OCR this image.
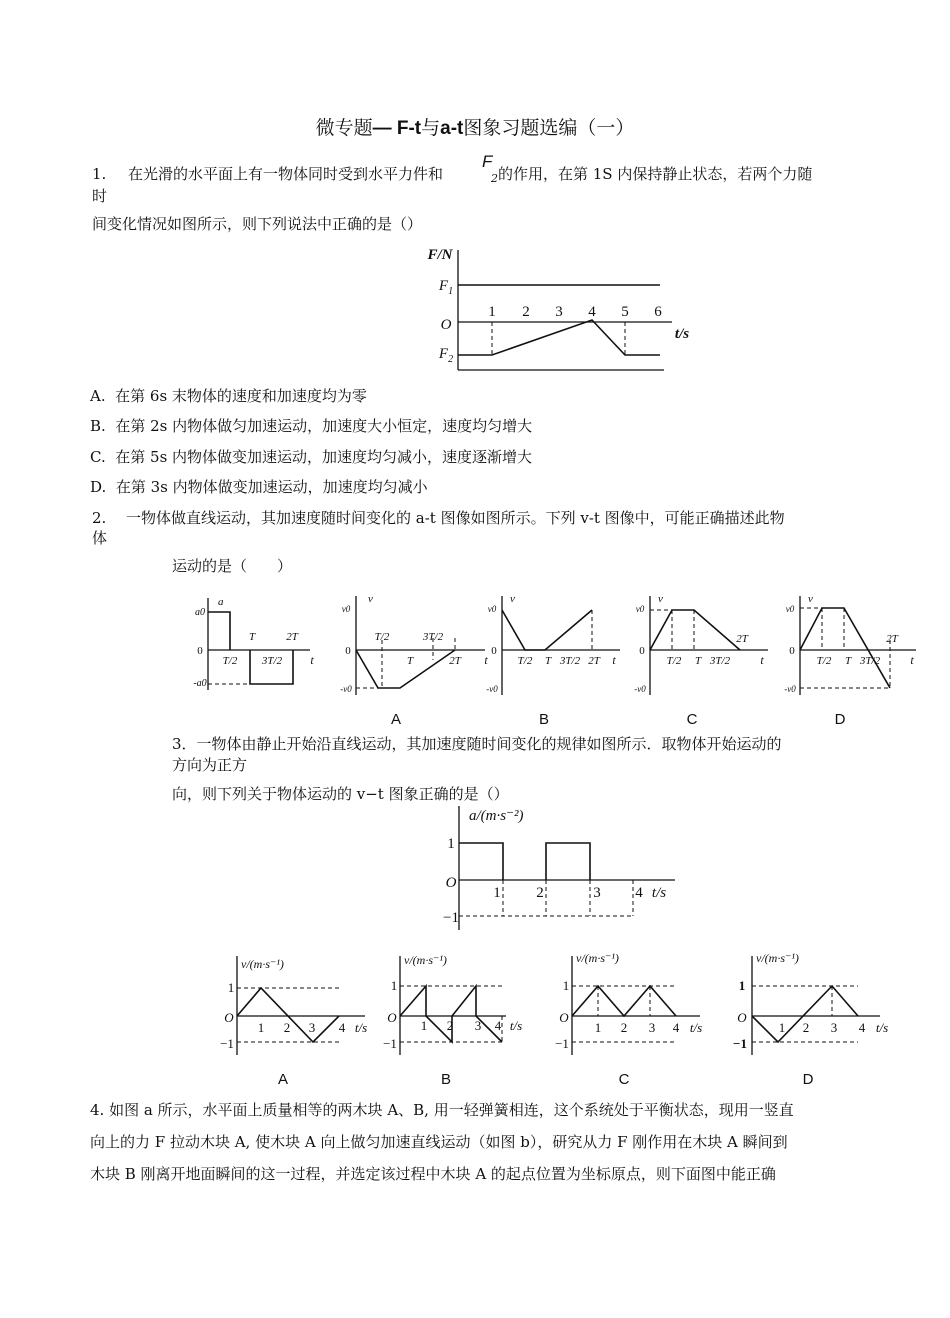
微专题— F-t与a-t图象习题选编（一）
1. 在光滑的水平面上有一物体同时受到水平力件和
F
2 的作用，在第 1S 内保持静止状态，若两个力随
时
间变化情况如图所示，则下列说法中正确的是（）
F/N
$F_1$
O
$F_2$
1 2 3 4 5 6
t/s
A. 在第 6s 末物体的速度和加速度均为零
B. 在第 2s 内物体做匀加速运动，加速度大小恒定，速度均匀增大
C. 在第 5s 内物体做变加速运动，加速度均匀减小，速度逐渐增大
D. 在第 3s 内物体做变加速运动，加速度均匀减小
2. 一物体做直线运动，其加速度随时间变化的 a-t 图像如图所示。下列 v-t 图像中，可能正确描述此物
体
运动的是（　　）
a
a0
-a0
0
T/2
T
3T/2
2T
t
v
v0
-v0
0
T/2	3T/2
T	2T t
A
v
v0
-v0
0
T/2 T 3T/2 2T t
B
v
v0
-v0
0
T/2 T 3T/2
2T
t
C
v
v0
-v0
0
T/2 T 3T/2
2T
t
D
3．一物体由静止开始沿直线运动，其加速度随时间变化的规律如图所示．取物体开始运动的
方向为正方
向，则下列关于物体运动的 v−t 图象正确的是（）
a/(m·s⁻²)
1
O
−1
1 2	3 4 t/s
v/(m·s⁻¹)
1
O
−1
1 2 3 4 t/s
A
v/(m·s⁻¹)
1
O
−1
1 2 3 4 t/s
B
v/(m·s⁻¹)
1
O
−1
1 2 3 4 t/s
C
v/(m·s⁻¹)
1
O
−1
1 2 3 4 t/s
D
4. 如图 a 所示，水平面上质量相等的两木块 A、B, 用一轻弹簧相连，这个系统处于平衡状态，现用一竖直
向上的力 F 拉动木块 A, 使木块 A 向上做匀加速直线运动（如图 b），研究从力 F 刚作用在木块 A 瞬间到
木块 B 刚离开地面瞬间的这一过程，并选定该过程中木块 A 的起点位置为坐标原点，则下面图中能正确
